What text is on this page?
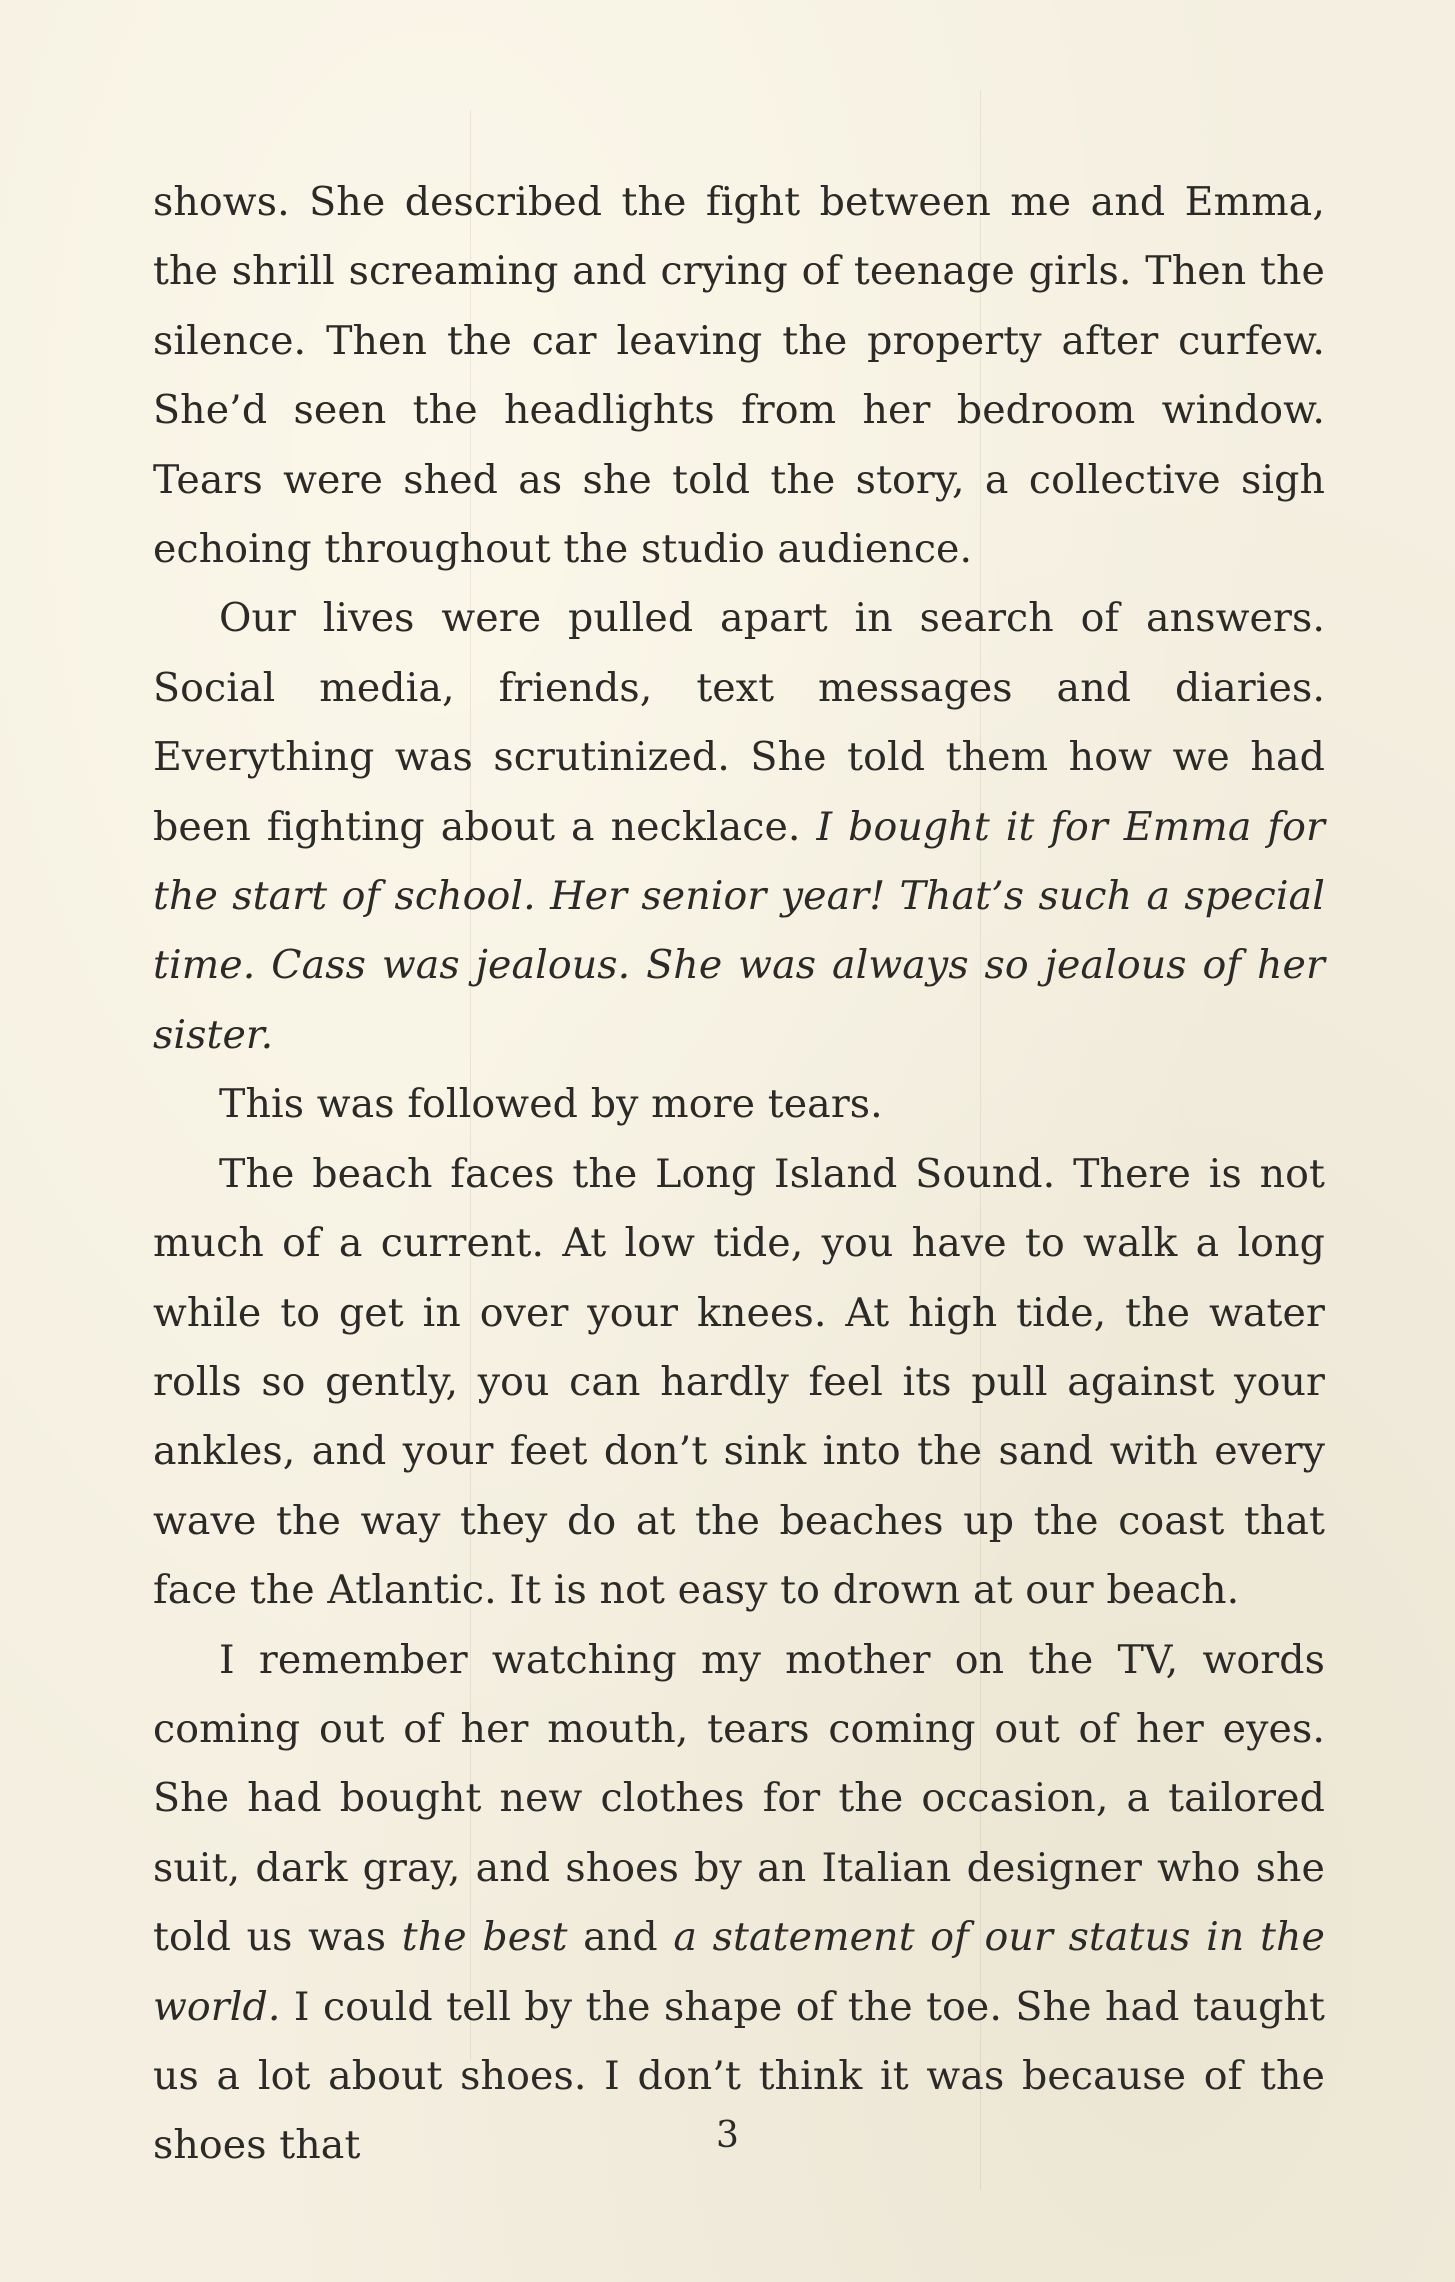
shows. She described the fight between me and Emma, the shrill screaming and crying of teenage girls. Then the silence. Then the car leaving the property after curfew. She’d seen the headlights from her bedroom window. Tears were shed as she told the story, a collective sigh echoing throughout the studio audience.

Our lives were pulled apart in search of answers. Social media, friends, text messages and diaries. Everything was scrutinized. She told them how we had been fighting about a necklace. I bought it for Emma for the start of school. Her senior year! That’s such a special time. Cass was jealous. She was always so jealous of her sister.

This was followed by more tears.

The beach faces the Long Island Sound. There is not much of a current. At low tide, you have to walk a long while to get in over your knees. At high tide, the water rolls so gently, you can hardly feel its pull against your ankles, and your feet don’t sink into the sand with every wave the way they do at the beaches up the coast that face the Atlantic. It is not easy to drown at our beach.

I remember watching my mother on the TV, words coming out of her mouth, tears coming out of her eyes. She had bought new clothes for the occasion, a tailored suit, dark gray, and shoes by an Italian designer who she told us was the best and a statement of our status in the world. I could tell by the shape of the toe. She had taught us a lot about shoes. I don’t think it was because of the shoes that	3
